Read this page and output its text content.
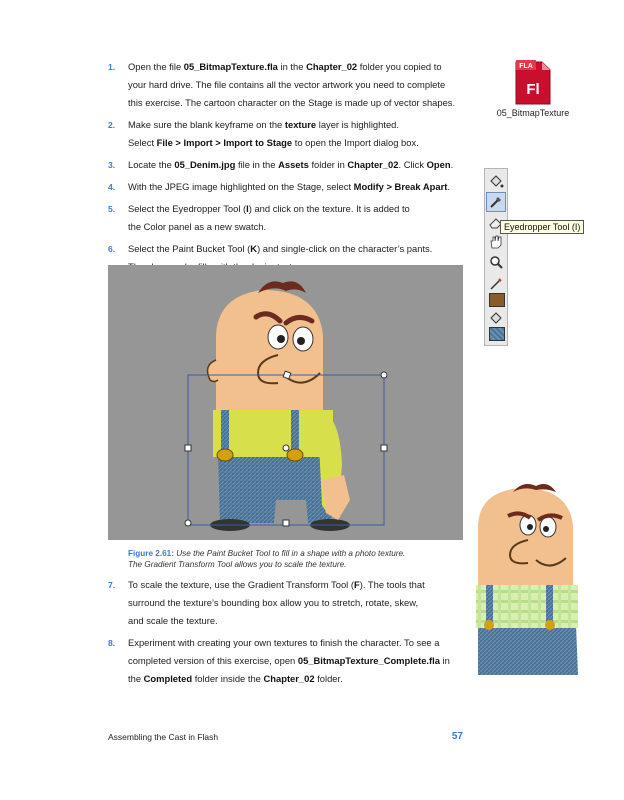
1. Open the file 05_BitmapTexture.fla in the Chapter_02 folder you copied to
your hard drive. The file contains all the vector artwork you need to complete
this exercise. The cartoon character on the Stage is made up of vector shapes.
2. Make sure the blank keyframe on the texture layer is highlighted.
Select File > Import > Import to Stage to open the Import dialog box.
3. Locate the 05_Denim.jpg file in the Assets folder in Chapter_02. Click Open.
4. With the JPEG image highlighted on the Stage, select Modify > Break Apart.
5. Select the Eyedropper Tool (I) and click on the texture. It is added to
the Color panel as a new swatch.
6. Select the Paint Bucket Tool (K) and single-click on the character’s pants.
FLA
Fl
05_BitmapTexture
Eyedropper Tool (I)
Figure 2.61: Use the Paint Bucket Tool to fill in a shape with a photo texture.
The Gradient Transform Tool allows you to scale the texture.
7. To scale the texture, use the Gradient Transform Tool (F). The tools that
surround the texture’s bounding box allow you to stretch, rotate, skew,
and scale the texture.
8. Experiment with creating your own textures to finish the character. To see a
completed version of this exercise, open 05_BitmapTexture_Complete.fla in
the Completed folder inside the Chapter_02 folder.
Assembling the Cast in Flash	57
